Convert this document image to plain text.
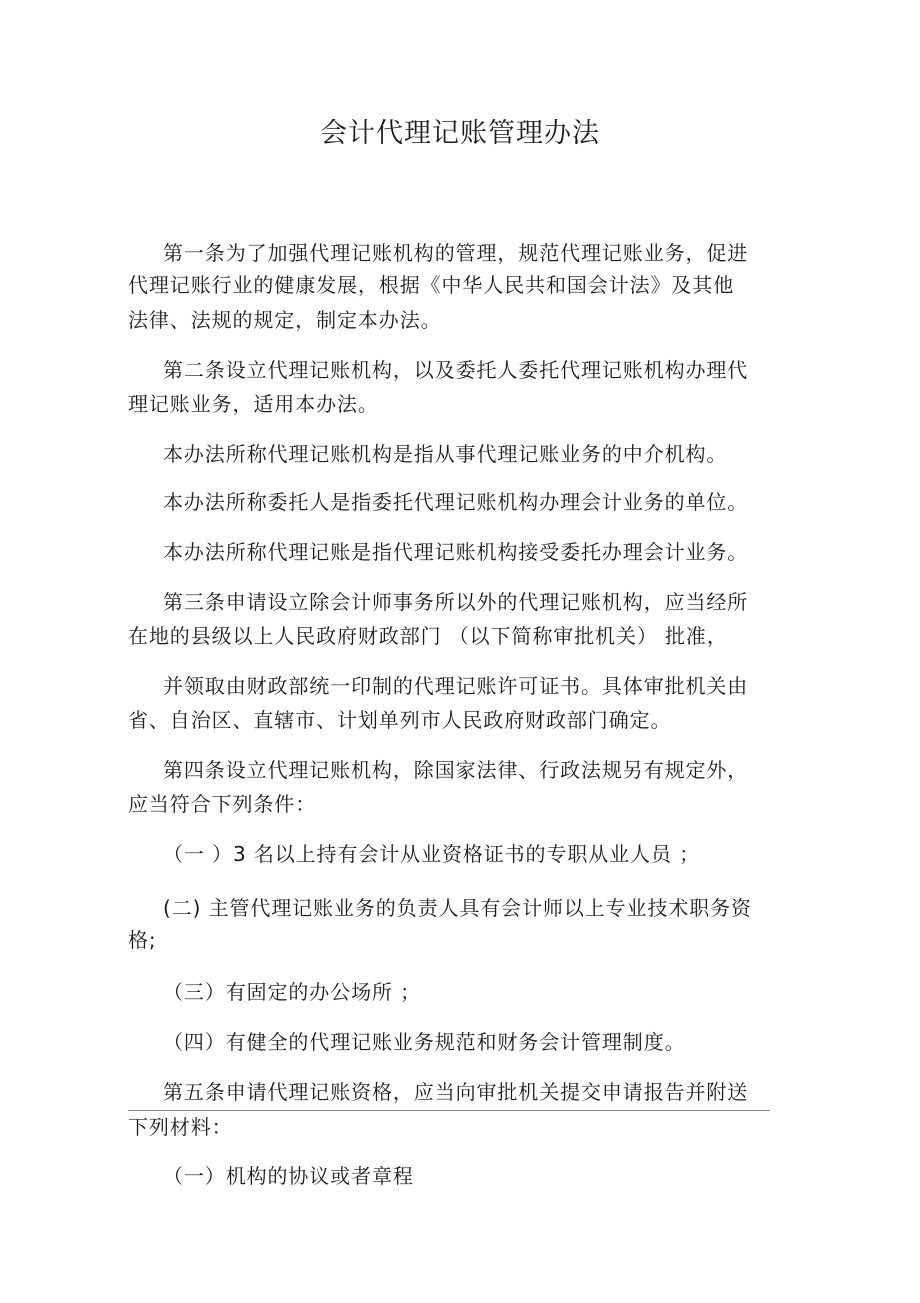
会计代理记账管理办法

第一条为了加强代理记账机构的管理，规范代理记账业务，促进

代理记账行业的健康发展，根据《中华人民共和国会计法》及其他

法律、法规的规定，制定本办法。

第二条设立代理记账机构，以及委托人委托代理记账机构办理代

理记账业务，适用本办法。

本办法所称代理记账机构是指从事代理记账业务的中介机构。

本办法所称委托人是指委托代理记账机构办理会计业务的单位。

本办法所称代理记账是指代理记账机构接受委托办理会计业务。

第三条申请设立除会计师事务所以外的代理记账机构，应当经所

在地的县级以上人民政府财政部门 （以下简称审批机关） 批准，

并领取由财政部统一印制的代理记账许可证书。具体审批机关由

省、自治区、直辖市、计划单列市人民政府财政部门确定。

第四条设立代理记账机构，除国家法律、行政法规另有规定外，

应当符合下列条件：

（一 ）3 名以上持有会计从业资格证书的专职从业人员 ；

(二) 主管代理记账业务的负责人具有会计师以上专业技术职务资

格;

（三）有固定的办公场所 ；

（四）有健全的代理记账业务规范和财务会计管理制度。

第五条申请代理记账资格，应当向审批机关提交申请报告并附送

下列材料：

（一）机构的协议或者章程
